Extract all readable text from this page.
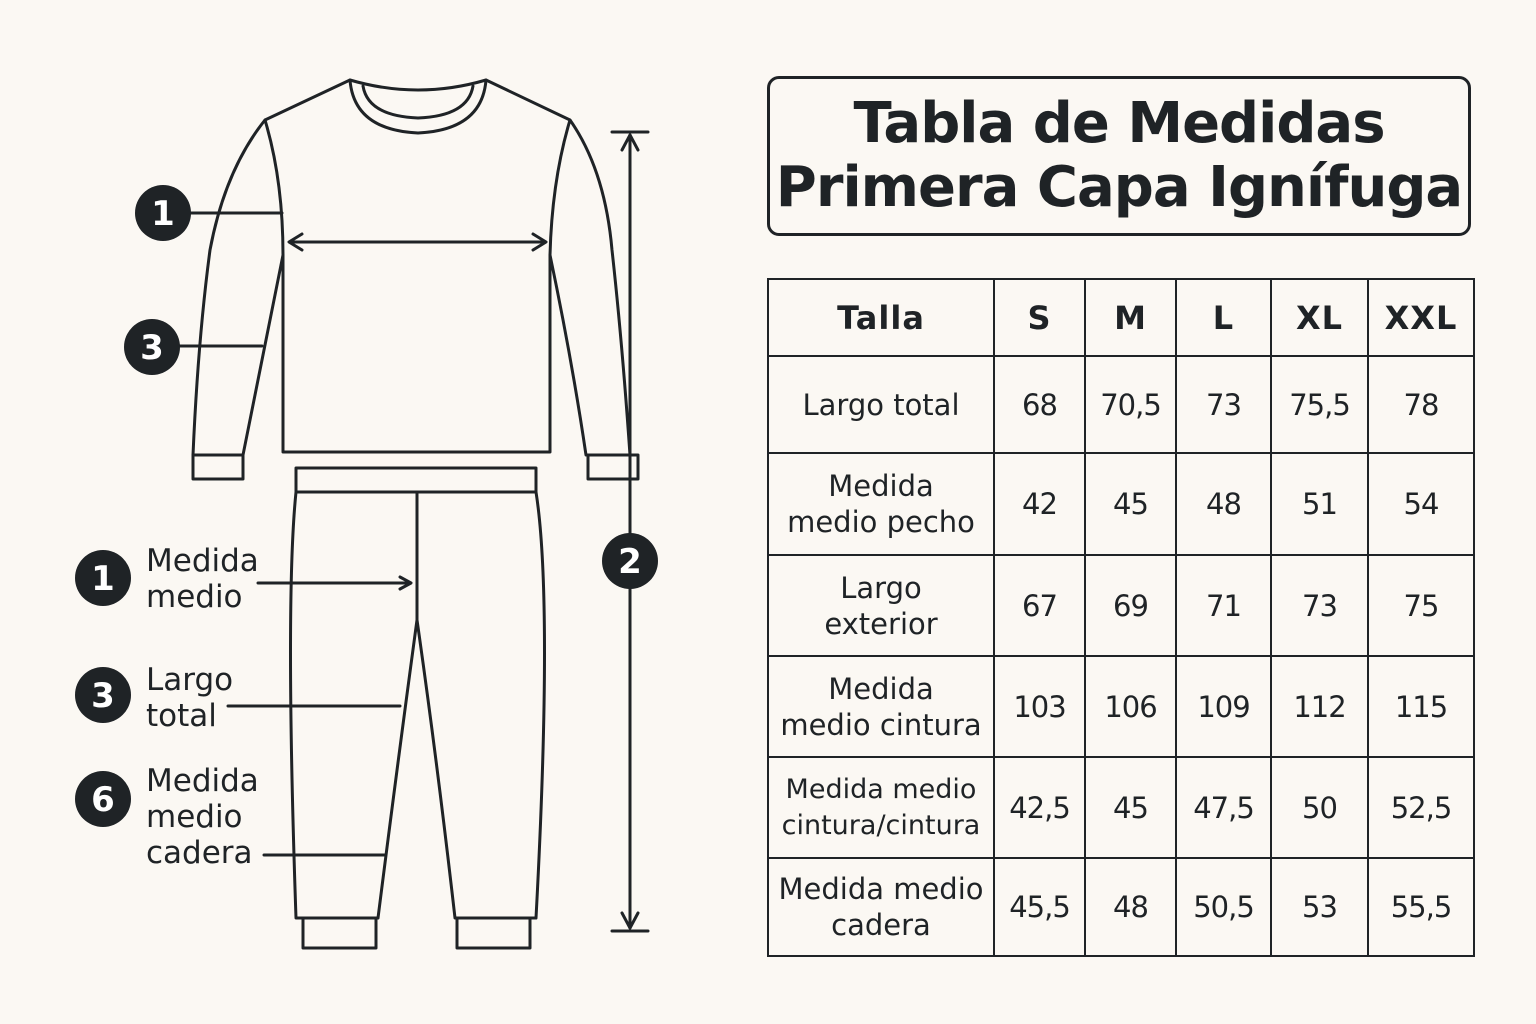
1
3
2
1
3
6
Medida
medio
Largo
total
Medida
medio
cadera
Tabla de Medidas
Primera Capa Ignífuga
Talla	S	M	L	XL	XXL
Largo total	68	70,5	73	75,5	78
Medida
medio pecho	42	45	48	51	54
Largo
exterior	67	69	71	73	75
Medida
medio cintura	103	106	109	112	115
Medida medio
cintura/cintura	42,5	45	47,5	50	52,5
Medida medio
cadera	45,5	48	50,5	53	55,5
